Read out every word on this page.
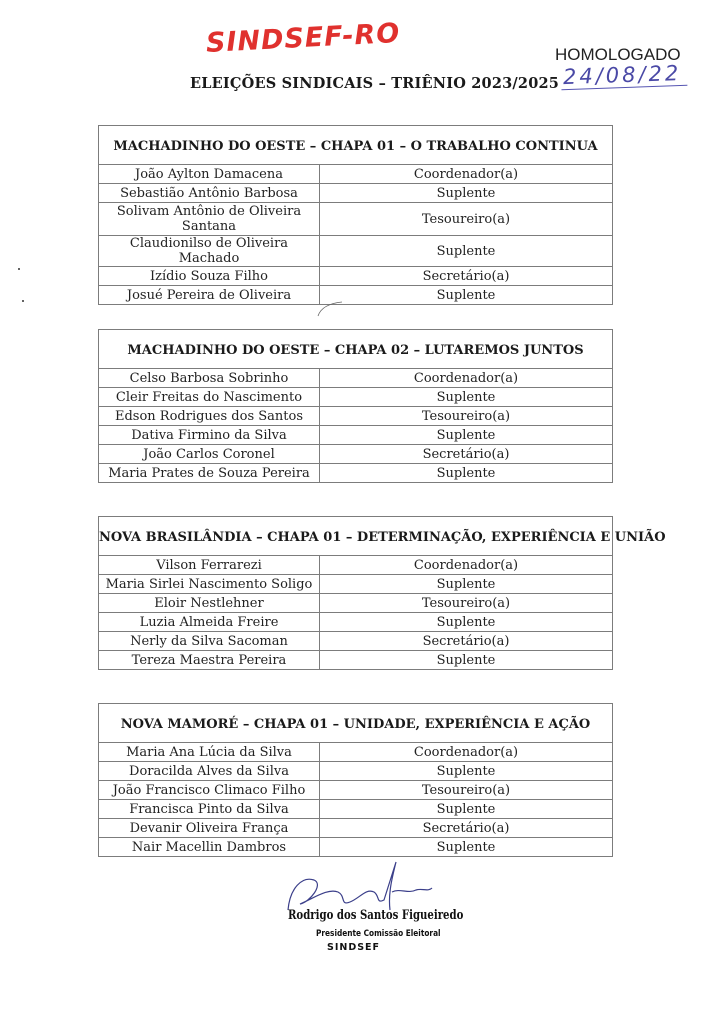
SINDSEF-RO
ELEIÇÕES SINDICAIS – TRIÊNIO 2023/2025
HOMOLOGADO
24/08/22
MACHADINHO DO OESTE – CHAPA 01 – O TRABALHO CONTINUA
João Aylton Damacena	Coordenador(a)
Sebastião Antônio Barbosa	Suplente
Solivam Antônio de Oliveira Santana	Tesoureiro(a)
Claudionilso de Oliveira Machado	Suplente
Izídio Souza Filho	Secretário(a)
Josué Pereira de Oliveira	Suplente
MACHADINHO DO OESTE – CHAPA 02 – LUTAREMOS JUNTOS
Celso Barbosa Sobrinho	Coordenador(a)
Cleir Freitas do Nascimento	Suplente
Edson Rodrigues dos Santos	Tesoureiro(a)
Dativa Firmino da Silva	Suplente
João Carlos Coronel	Secretário(a)
Maria Prates de Souza Pereira	Suplente
NOVA BRASILÂNDIA – CHAPA 01 – DETERMINAÇÃO, EXPERIÊNCIA E UNIÃO
Vilson Ferrarezi	Coordenador(a)
Maria Sirlei Nascimento Soligo	Suplente
Eloir Nestlehner	Tesoureiro(a)
Luzia Almeida Freire	Suplente
Nerly da Silva Sacoman	Secretário(a)
Tereza Maestra Pereira	Suplente
NOVA MAMORÉ – CHAPA 01 – UNIDADE, EXPERIÊNCIA E AÇÃO
Maria Ana Lúcia da Silva	Coordenador(a)
Doracilda Alves da Silva	Suplente
João Francisco Climaco Filho	Tesoureiro(a)
Francisca Pinto da Silva	Suplente
Devanir Oliveira França	Secretário(a)
Nair Macellin Dambros	Suplente
Rodrigo dos Santos Figueiredo
Presidente Comissão Eleitoral
SINDSEF
